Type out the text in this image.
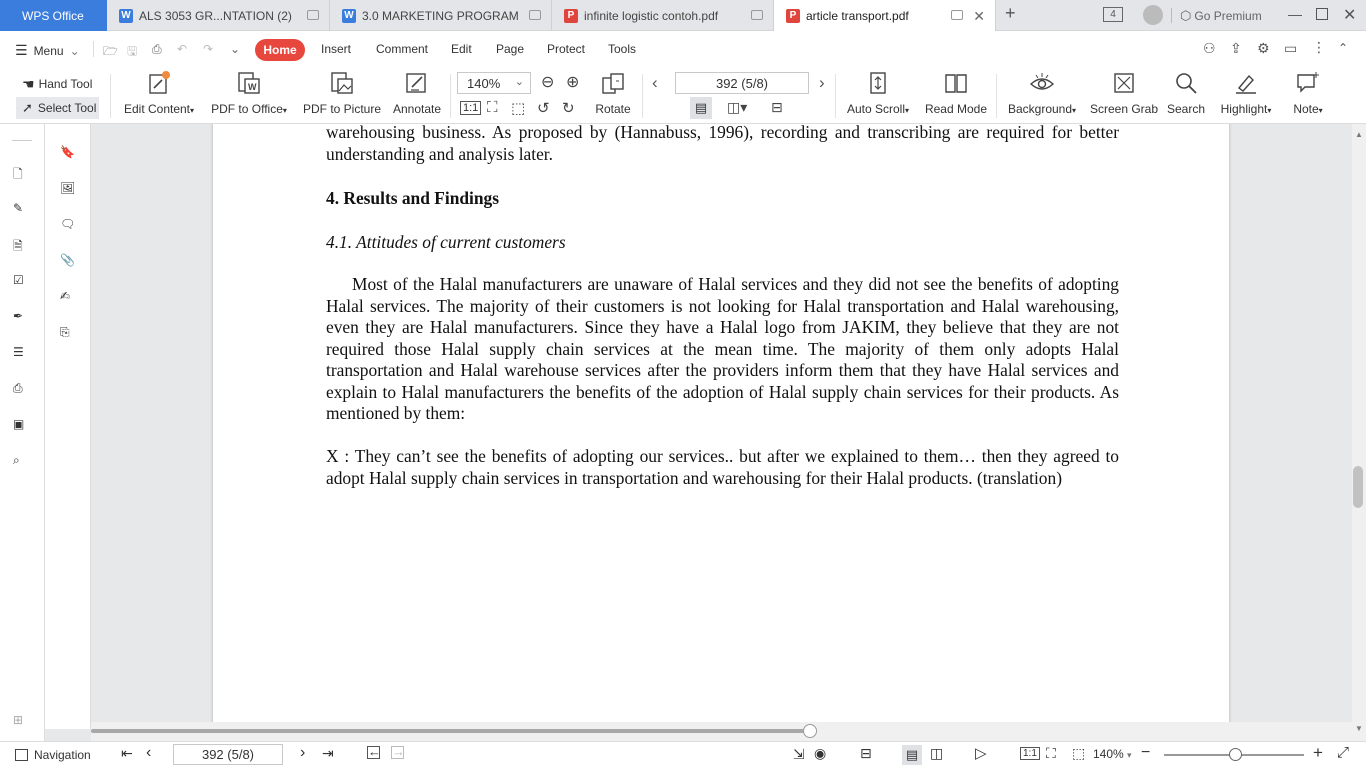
WPS Office	W ALS 3053 GR...NTATION (2)	W 3.0 MARKETING PROGRAM	P infinite logistic contoh.pdf	P article transport.pdf	✕ +	4	⬡ Go Premium —	✕
☰ Menu ⌄ 🗁 🖫 ⎙ ↶ ↷ ⌄ Home Insert Comment Edit Page Protect Tools	⚇ ⇪ ⚙ ▭ ⋮ ⌃
☚ Hand Tool
➚ Select Tool Edit Content▾
W
PDF to Office▾ PDF to Picture Annotate
140% ⌄ ⊖ ⊕
1:1 ⛶ ⬚ ↺ ↻ Rotate
‹	392 (5/8)	›
▤	◫▾ ⊟	Auto Scroll▾ Read Mode Background▾ Screen Grab Search Highlight▾ Note▾
🗋
✎
🗎
☑
✒
☰
⎙
▣
⌕
⊞
🔖
🖼
🗨
📎
✍
⎘

warehousing business. As proposed by (Hannabuss, 1996), recording and transcribing are required for better understanding and analysis later.

4. Results and Findings

4.1. Attitudes of current customers

Most of the Halal manufacturers are unaware of Halal services and they did not see the benefits of adopting Halal services. The majority of their customers is not looking for Halal transportation and Halal warehousing, even they are Halal manufacturers. Since they have a Halal logo from JAKIM, they believe that they are not required those Halal supply chain services at the mean time. The majority of them only adopts Halal transportation and Halal warehouse services after the providers inform them that they have Halal services and explain to Halal manufacturers the benefits of the adoption of Halal supply chain services for their products. As mentioned by them:

X : They can’t see the benefits of adopting our services.. but after we explained to them… then they agreed to adopt Halal supply chain services in transportation and warehousing for their Halal products. (translation)

▲
▼
Navigation ⇤ ‹	392 (5/8)	› ⇥	← →	⇲ ◉ ⊟	▤ ◫ ▷	1:1 ⛶ ⬚ 140% ▾ −	+ ⤢
